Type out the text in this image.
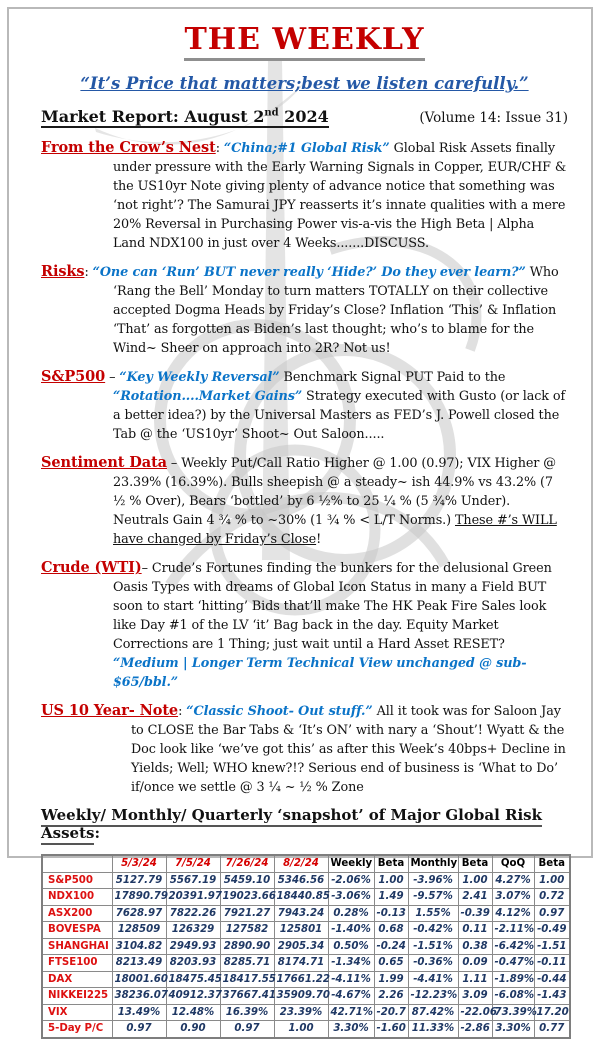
THE WEEKLY
“It’s Price that matters;best we listen carefully.”
Market Report: August 2nd 2024	(Volume 14: Issue 31)

From the Crow’s Nest: “China;#1 Global Risk” Global Risk Assets finally under pressure with the Early Warning Signals in Copper, EUR/CHF & the US10yr Note giving plenty of advance notice that something was ‘not right’? The Samurai JPY reasserts it’s innate qualities with a mere 20% Reversal in Purchasing Power vis-a-vis the High Beta | Alpha Land NDX100 in just over 4 Weeks.......DISCUSS.

Risks: “One can ‘Run’ BUT never really ‘Hide?’ Do they ever learn?” Who ‘Rang the Bell’ Monday to turn matters TOTALLY on their collective accepted Dogma Heads by Friday’s Close? Inflation ‘This’ & Inflation ‘That’ as forgotten as Biden’s last thought; who’s to blame for the Wind~ Sheer on approach into 2R? Not us!

S&P500 – “Key Weekly Reversal” Benchmark Signal PUT Paid to the “Rotation....Market Gains” Strategy executed with Gusto (or lack of a better idea?) by the Universal Masters as FED’s J. Powell closed the Tab @ the ‘US10yr’ Shoot~ Out Saloon.....

Sentiment Data – Weekly Put/Call Ratio Higher @ 1.00 (0.97); VIX Higher @ 23.39% (16.39%). Bulls sheepish @ a steady~ ish 44.9% vs 43.2% (7 ½ % Over), Bears ‘bottled’ by 6 ½% to 25 ¼ % (5 ¾% Under). Neutrals Gain 4 ¾ % to ~30% (1 ¾ % < L/T Norms.) These #’s WILL have changed by Friday’s Close!

Crude (WTI)– Crude’s Fortunes finding the bunkers for the delusional Green Oasis Types with dreams of Global Icon Status in many a Field BUT soon to start ‘hitting’ Bids that’ll make The HK Peak Fire Sales look like Day #1 of the LV ‘it’ Bag back in the day. Equity Market Corrections are 1 Thing; just wait until a Hard Asset RESET? “Medium | Longer Term Technical View unchanged @ sub- $65/bbl.”

US 10 Year- Note: “Classic Shoot- Out stuff.” All it took was for Saloon Jay to CLOSE the Bar Tabs & ‘It’s ON’ with nary a ‘Shout’! Wyatt & the Doc look like ‘we’ve got this’ as after this Week’s 40bps+ Decline in Yields; Well; WHO knew?!? Serious end of business is ‘What to Do’ if/once we settle @ 3 ¼ ~ ½ % Zone

Weekly/ Monthly/ Quarterly ‘snapshot’ of Major Global Risk Assets:
	5/3/24	7/5/24	7/26/24	8/2/24	Weekly	Beta	Monthly	Beta	QoQ	Beta
S&P500	5127.79	5567.19	5459.10	5346.56	-2.06%	1.00	-3.96%	1.00	4.27%	1.00
NDX100	17890.79	20391.97	19023.66	18440.85	-3.06%	1.49	-9.57%	2.41	3.07%	0.72
ASX200	7628.97	7822.26	7921.27	7943.24	0.28%	-0.13	1.55%	-0.39	4.12%	0.97
BOVESPA	128509	126329	127582	125801	-1.40%	0.68	-0.42%	0.11	-2.11%	-0.49
SHANGHAI	3104.82	2949.93	2890.90	2905.34	0.50%	-0.24	-1.51%	0.38	-6.42%	-1.51
FTSE100	8213.49	8203.93	8285.71	8174.71	-1.34%	0.65	-0.36%	0.09	-0.47%	-0.11
DAX	18001.60	18475.45	18417.55	17661.22	-4.11%	1.99	-4.41%	1.11	-1.89%	-0.44
NIKKEI225	38236.07	40912.37	37667.41	35909.70	-4.67%	2.26	-12.23%	3.09	-6.08%	-1.43
VIX	13.49%	12.48%	16.39%	23.39%	42.71%	-20.7	87.42%	-22.06	73.39%	17.20
5-Day P/C	0.97	0.90	0.97	1.00	3.30%	-1.60	11.33%	-2.86	3.30%	0.77
